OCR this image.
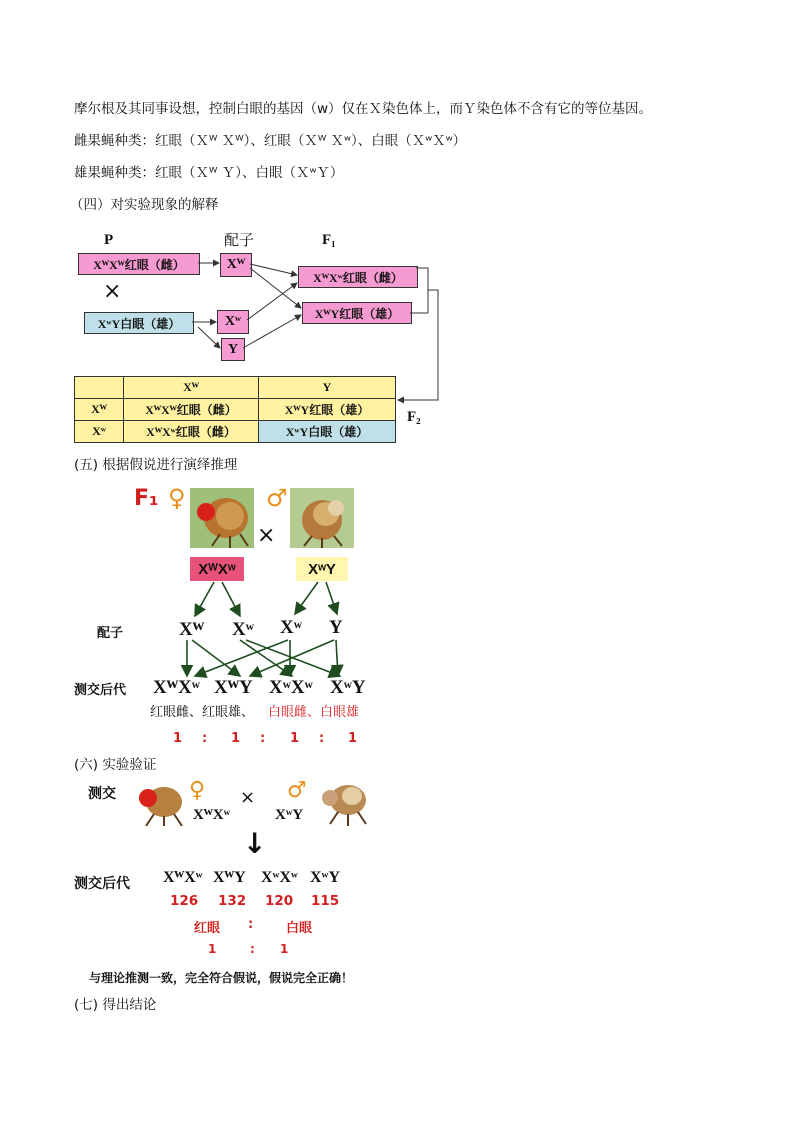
摩尔根及其同事设想，控制白眼的基因（w）仅在Ｘ染色体上，而Ｙ染色体不含有它的等位基因。
雌果蝇种类：红眼（Ｘᵂ Ｘᵂ）、红眼（Ｘᵂ Ｘʷ）、白眼（ＸʷＸʷ）
雄果蝇种类：红眼（Ｘᵂ Ｙ）、白眼（ＸʷＹ）
（四）对实验现象的解释
P	配子	F₁
XᵂXᵂ红眼（雌）
×
XʷY白眼（雄）
Xᵂ
Xʷ
Y
XᵂXʷ红眼（雌）
XᵂY红眼（雄）
	Xᵂ	Y
Xᵂ	XᵂXᵂ红眼（雌）	XᵂY红眼（雄）
Xʷ	XᵂXʷ红眼（雌）	XʷY白眼（雄）
F₂
(五) 根据假说进行演绎推理
F₁ ♀	♂
×
XᵂXʷ	XʷY
配子	Xᵂ Xʷ Xʷ Y
测交后代 XᵂXʷ XᵂY XʷXʷ XʷY
红眼雌、红眼雄、 白眼雌、白眼雄
1 : 1 : 1 : 1
(六) 实验验证
测交	♀	♂
×
XᵂXʷ	XʷY
↓
测交后代 XᵂXʷ XᵂY XʷXʷ XʷY
126 132 120 115
红眼 :	白眼
1	: 1
与理论推测一致，完全符合假说，假说完全正确！
(七) 得出结论
